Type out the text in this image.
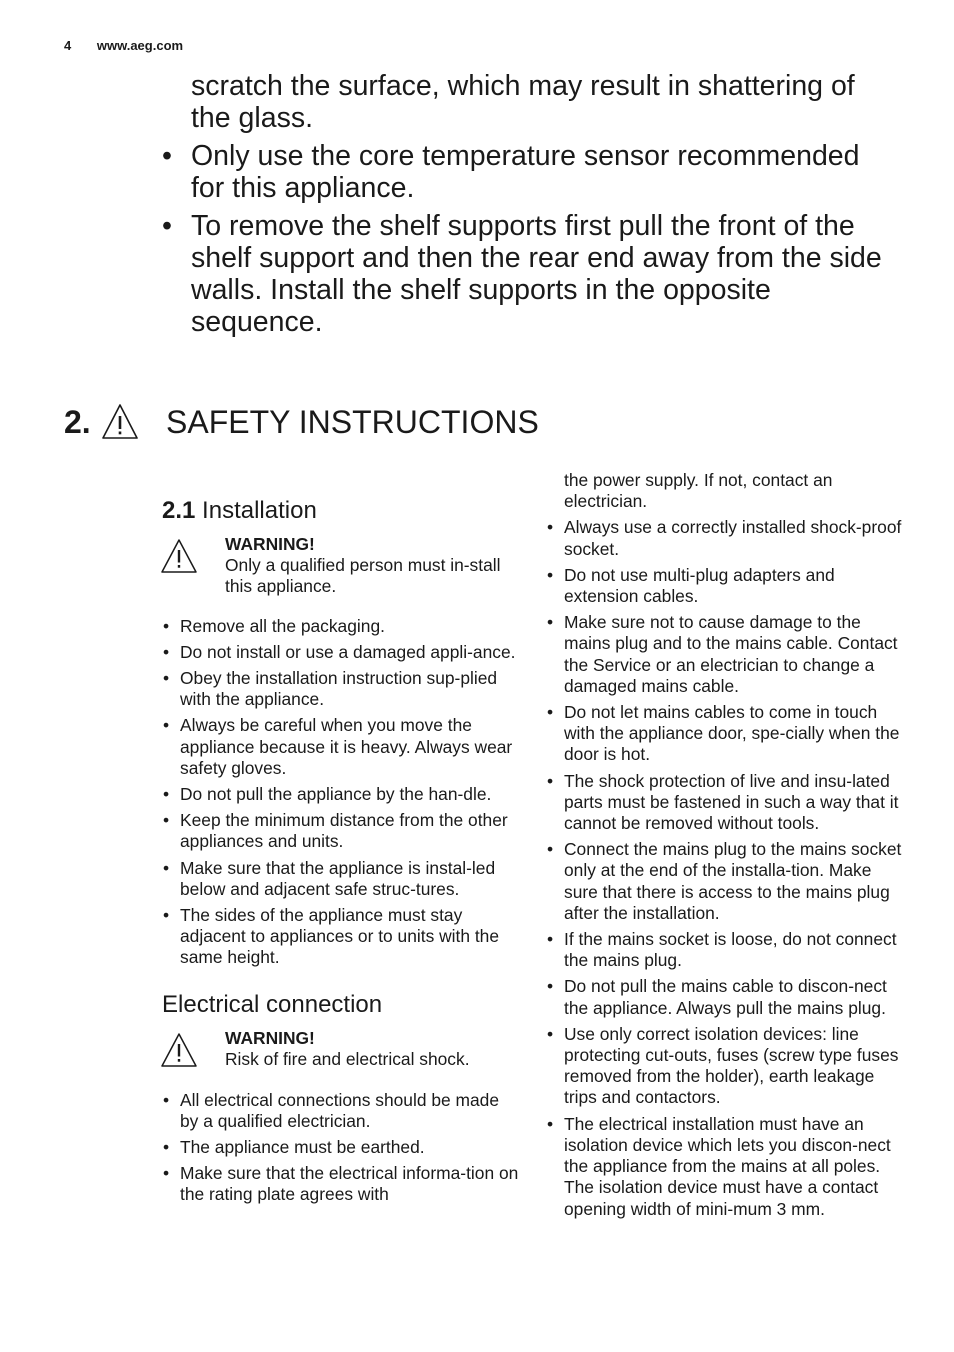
4 www.aeg.com
scratch the surface, which may result in shattering of the glass.
• Only use the core temperature sensor recommended for this appliance.
• To remove the shelf supports first pull the front of the shelf support and then the rear end away from the side walls. Install the shelf supports in the opposite sequence.
2. SAFETY INSTRUCTIONS
2.1 Installation
WARNING!
Only a qualified person must in-stall this appliance.
• Remove all the packaging.
• Do not install or use a damaged appli-ance.
• Obey the installation instruction sup-plied with the appliance.
• Always be careful when you move the appliance because it is heavy. Always wear safety gloves.
• Do not pull the appliance by the han-dle.
• Keep the minimum distance from the other appliances and units.
• Make sure that the appliance is instal-led below and adjacent safe struc-tures.
• The sides of the appliance must stay adjacent to appliances or to units with the same height.
Electrical connection
WARNING!
Risk of fire and electrical shock.
• All electrical connections should be made by a qualified electrician.
• The appliance must be earthed.
• Make sure that the electrical informa-tion on the rating plate agrees with
the power supply. If not, contact an electrician.
• Always use a correctly installed shock-proof socket.
• Do not use multi-plug adapters and extension cables.
• Make sure not to cause damage to the mains plug and to the mains cable. Contact the Service or an electrician to change a damaged mains cable.
• Do not let mains cables to come in touch with the appliance door, spe-cially when the door is hot.
• The shock protection of live and insu-lated parts must be fastened in such a way that it cannot be removed without tools.
• Connect the mains plug to the mains socket only at the end of the installa-tion. Make sure that there is access to the mains plug after the installation.
• If the mains socket is loose, do not connect the mains plug.
• Do not pull the mains cable to discon-nect the appliance. Always pull the mains plug.
• Use only correct isolation devices: line protecting cut-outs, fuses (screw type fuses removed from the holder), earth leakage trips and contactors.
• The electrical installation must have an isolation device which lets you discon-nect the appliance from the mains at all poles. The isolation device must have a contact opening width of mini-mum 3 mm.
